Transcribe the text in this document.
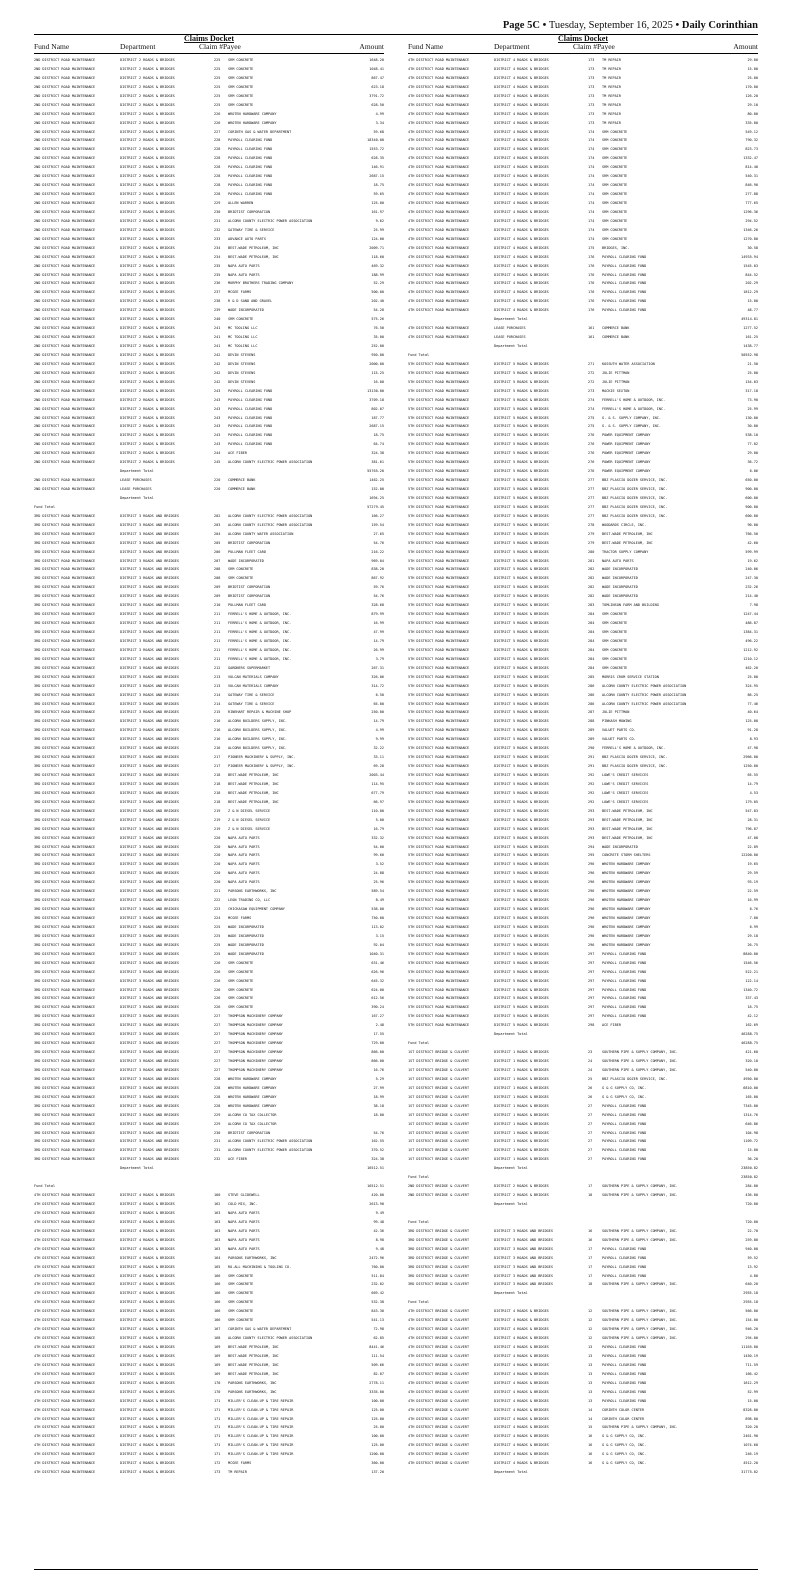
Page 5C • Tuesday, September 16, 2025 • Daily Corinthian
Claims Docket
Fund Name	Department	Claim #Payee	Amount
2ND DISTRICT ROAD MAINTENANCE	DISTRICT 2 ROADS & BRIDGES	225 SRM CONCRETE	1648.20
2ND DISTRICT ROAD MAINTENANCE	DISTRICT 2 ROADS & BRIDGES	225 SRM CONCRETE	1048.41
2ND DISTRICT ROAD MAINTENANCE	DISTRICT 2 ROADS & BRIDGES	225 SRM CONCRETE	867.47
2ND DISTRICT ROAD MAINTENANCE	DISTRICT 2 ROADS & BRIDGES	225 SRM CONCRETE	623.18
2ND DISTRICT ROAD MAINTENANCE	DISTRICT 2 ROADS & BRIDGES	225 SRM CONCRETE	3791.72
2ND DISTRICT ROAD MAINTENANCE	DISTRICT 2 ROADS & BRIDGES	225 SRM CONCRETE	628.50
2ND DISTRICT ROAD MAINTENANCE	DISTRICT 2 ROADS & BRIDGES	226 WROTEN HARDWARE COMPANY	4.99
2ND DISTRICT ROAD MAINTENANCE	DISTRICT 2 ROADS & BRIDGES	226 WROTEN HARDWARE COMPANY	3.34
2ND DISTRICT ROAD MAINTENANCE	DISTRICT 2 ROADS & BRIDGES	227 CORINTH GAS & WATER DEPARTMENT	59.68
2ND DISTRICT ROAD MAINTENANCE	DISTRICT 2 ROADS & BRIDGES	228 PAYROLL CLEARING FUND	18340.00
2ND DISTRICT ROAD MAINTENANCE	DISTRICT 2 ROADS & BRIDGES	228 PAYROLL CLEARING FUND	1553.72
2ND DISTRICT ROAD MAINTENANCE	DISTRICT 2 ROADS & BRIDGES	228 PAYROLL CLEARING FUND	628.35
2ND DISTRICT ROAD MAINTENANCE	DISTRICT 2 ROADS & BRIDGES	228 PAYROLL CLEARING FUND	146.91
2ND DISTRICT ROAD MAINTENANCE	DISTRICT 2 ROADS & BRIDGES	228 PAYROLL CLEARING FUND	2687.15
2ND DISTRICT ROAD MAINTENANCE	DISTRICT 2 ROADS & BRIDGES	228 PAYROLL CLEARING FUND	18.75
2ND DISTRICT ROAD MAINTENANCE	DISTRICT 2 ROADS & BRIDGES	228 PAYROLL CLEARING FUND	59.65
2ND DISTRICT ROAD MAINTENANCE	DISTRICT 2 ROADS & BRIDGES	229 ALLEN WARREN	125.00
2ND DISTRICT ROAD MAINTENANCE	DISTRICT 2 ROADS & BRIDGES	230 BRIDTIST CORPORATION	161.97
2ND DISTRICT ROAD MAINTENANCE	DISTRICT 2 ROADS & BRIDGES	231 ALCORN COUNTY ELECTRIC POWER ASSOCIATION	9.62
2ND DISTRICT ROAD MAINTENANCE	DISTRICT 2 ROADS & BRIDGES	232 GATEWAY TIRE & SERVICE	25.99
2ND DISTRICT ROAD MAINTENANCE	DISTRICT 2 ROADS & BRIDGES	233 ADVANCE AUTO PARTS	124.00
2ND DISTRICT ROAD MAINTENANCE	DISTRICT 2 ROADS & BRIDGES	234 BEST-WADE PETROLEUM, INC	2009.71
2ND DISTRICT ROAD MAINTENANCE	DISTRICT 2 ROADS & BRIDGES	234 BEST-WADE PETROLEUM, INC	118.60
2ND DISTRICT ROAD MAINTENANCE	DISTRICT 2 ROADS & BRIDGES	235 NAPA AUTO PARTS	469.32
2ND DISTRICT ROAD MAINTENANCE	DISTRICT 2 ROADS & BRIDGES	235 NAPA AUTO PARTS	188.99
2ND DISTRICT ROAD MAINTENANCE	DISTRICT 2 ROADS & BRIDGES	236 MURPHY BROTHERS TRADING COMPANY	52.29
2ND DISTRICT ROAD MAINTENANCE	DISTRICT 2 ROADS & BRIDGES	237 MCGEE FARMS	500.00
2ND DISTRICT ROAD MAINTENANCE	DISTRICT 2 ROADS & BRIDGES	238 R & D SAND AND GRAVEL	202.40
2ND DISTRICT ROAD MAINTENANCE	DISTRICT 2 ROADS & BRIDGES	239 WADE INCORPORATED	54.28
2ND DISTRICT ROAD MAINTENANCE	DISTRICT 2 ROADS & BRIDGES	240 SRM CONCRETE	575.26
2ND DISTRICT ROAD MAINTENANCE	DISTRICT 2 ROADS & BRIDGES	241 MC TOOLING LLC	76.50
2ND DISTRICT ROAD MAINTENANCE	DISTRICT 2 ROADS & BRIDGES	241 MC TOOLING LLC	35.00
2ND DISTRICT ROAD MAINTENANCE	DISTRICT 2 ROADS & BRIDGES	241 MC TOOLING LLC	252.00
2ND DISTRICT ROAD MAINTENANCE	DISTRICT 2 ROADS & BRIDGES	242 DEVIN STEVENS	950.00
2ND DISTRICT ROAD MAINTENANCE	DISTRICT 2 ROADS & BRIDGES	242 DEVIN STEVENS	2000.00
2ND DISTRICT ROAD MAINTENANCE	DISTRICT 2 ROADS & BRIDGES	242 DEVIN STEVENS	115.25
2ND DISTRICT ROAD MAINTENANCE	DISTRICT 2 ROADS & BRIDGES	242 DEVIN STEVENS	16.00
2ND DISTRICT ROAD MAINTENANCE	DISTRICT 2 ROADS & BRIDGES	243 PAYROLL CLEARING FUND	13130.00
2ND DISTRICT ROAD MAINTENANCE	DISTRICT 2 ROADS & BRIDGES	243 PAYROLL CLEARING FUND	3709.18
2ND DISTRICT ROAD MAINTENANCE	DISTRICT 2 ROADS & BRIDGES	243 PAYROLL CLEARING FUND	802.07
2ND DISTRICT ROAD MAINTENANCE	DISTRICT 2 ROADS & BRIDGES	243 PAYROLL CLEARING FUND	187.77
2ND DISTRICT ROAD MAINTENANCE	DISTRICT 2 ROADS & BRIDGES	243 PAYROLL CLEARING FUND	2687.15
2ND DISTRICT ROAD MAINTENANCE	DISTRICT 2 ROADS & BRIDGES	243 PAYROLL CLEARING FUND	18.75
2ND DISTRICT ROAD MAINTENANCE	DISTRICT 2 ROADS & BRIDGES	243 PAYROLL CLEARING FUND	64.74
2ND DISTRICT ROAD MAINTENANCE	DISTRICT 2 ROADS & BRIDGES	244 ACE FIBER	324.38
2ND DISTRICT ROAD MAINTENANCE	DISTRICT 2 ROADS & BRIDGES	245 ALCORN COUNTY ELECTRIC POWER ASSOCIATION	381.61
Department Total	55765.20
2ND DISTRICT ROAD MAINTENANCE	LEASE PURCHASES	220 COMMERCE BANK	1462.25
2ND DISTRICT ROAD MAINTENANCE	LEASE PURCHASES	220 COMMERCE BANK	152.00
Department Total	1694.25
Fund Total	57279.45
3RD DISTRICT ROAD MAINTENANCE	DISTRICT 3 ROADS AND BRIDGES	202 ALCORN COUNTY ELECTRIC POWER ASSOCIATION	166.27
3RD DISTRICT ROAD MAINTENANCE	DISTRICT 3 ROADS AND BRIDGES	203 ALCORN COUNTY ELECTRIC POWER ASSOCIATION	159.54
3RD DISTRICT ROAD MAINTENANCE	DISTRICT 3 ROADS AND BRIDGES	204 ALCORN COUNTY WATER ASSOCIATION	27.65
3RD DISTRICT ROAD MAINTENANCE	DISTRICT 3 ROADS AND BRIDGES	205 BRIDTIST CORPORATION	54.76
3RD DISTRICT ROAD MAINTENANCE	DISTRICT 3 ROADS AND BRIDGES	206 PULLMAN FLEET CARD	216.22
3RD DISTRICT ROAD MAINTENANCE	DISTRICT 3 ROADS AND BRIDGES	207 WADE INCORPORATED	969.04
3RD DISTRICT ROAD MAINTENANCE	DISTRICT 3 ROADS AND BRIDGES	208 SRM CONCRETE	838.20
3RD DISTRICT ROAD MAINTENANCE	DISTRICT 3 ROADS AND BRIDGES	208 SRM CONCRETE	867.92
3RD DISTRICT ROAD MAINTENANCE	DISTRICT 3 ROADS AND BRIDGES	209 BRIDTIST CORPORATION	59.76
3RD DISTRICT ROAD MAINTENANCE	DISTRICT 3 ROADS AND BRIDGES	209 BRIDTIST CORPORATION	54.76
3RD DISTRICT ROAD MAINTENANCE	DISTRICT 3 ROADS AND BRIDGES	210 PULLMAN FLEET CARD	328.68
3RD DISTRICT ROAD MAINTENANCE	DISTRICT 3 ROADS AND BRIDGES	211 FERRELL'S HOME & OUTDOOR, INC.	879.99
3RD DISTRICT ROAD MAINTENANCE	DISTRICT 3 ROADS AND BRIDGES	211 FERRELL'S HOME & OUTDOOR, INC.	16.99
3RD DISTRICT ROAD MAINTENANCE	DISTRICT 3 ROADS AND BRIDGES	211 FERRELL'S HOME & OUTDOOR, INC.	47.99
3RD DISTRICT ROAD MAINTENANCE	DISTRICT 3 ROADS AND BRIDGES	211 FERRELL'S HOME & OUTDOOR, INC.	14.79
3RD DISTRICT ROAD MAINTENANCE	DISTRICT 3 ROADS AND BRIDGES	211 FERRELL'S HOME & OUTDOOR, INC.	26.99
3RD DISTRICT ROAD MAINTENANCE	DISTRICT 3 ROADS AND BRIDGES	211 FERRELL'S HOME & OUTDOOR, INC.	3.79
3RD DISTRICT ROAD MAINTENANCE	DISTRICT 3 ROADS AND BRIDGES	212 GARDNERS SUPERMARKET	267.31
3RD DISTRICT ROAD MAINTENANCE	DISTRICT 3 ROADS AND BRIDGES	213 VULCAN MATERIALS COMPANY	326.06
3RD DISTRICT ROAD MAINTENANCE	DISTRICT 3 ROADS AND BRIDGES	213 VULCAN MATERIALS COMPANY	314.72
3RD DISTRICT ROAD MAINTENANCE	DISTRICT 3 ROADS AND BRIDGES	214 GATEWAY TIRE & SERVICE	6.50
3RD DISTRICT ROAD MAINTENANCE	DISTRICT 3 ROADS AND BRIDGES	214 GATEWAY TIRE & SERVICE	65.00
3RD DISTRICT ROAD MAINTENANCE	DISTRICT 3 ROADS AND BRIDGES	215 RINEHART REPAIR & MACHINE SHOP	250.00
3RD DISTRICT ROAD MAINTENANCE	DISTRICT 3 ROADS AND BRIDGES	216 ALCORN BUILDERS SUPPLY, INC.	14.79
3RD DISTRICT ROAD MAINTENANCE	DISTRICT 3 ROADS AND BRIDGES	216 ALCORN BUILDERS SUPPLY, INC.	4.99
3RD DISTRICT ROAD MAINTENANCE	DISTRICT 3 ROADS AND BRIDGES	216 ALCORN BUILDERS SUPPLY, INC.	9.99
3RD DISTRICT ROAD MAINTENANCE	DISTRICT 3 ROADS AND BRIDGES	216 ALCORN BUILDERS SUPPLY, INC.	32.22
3RD DISTRICT ROAD MAINTENANCE	DISTRICT 3 ROADS AND BRIDGES	217 PIONEER MACHINERY & SUPPLY, INC.	33.11
3RD DISTRICT ROAD MAINTENANCE	DISTRICT 3 ROADS AND BRIDGES	217 PIONEER MACHINERY & SUPPLY, INC.	69.28
3RD DISTRICT ROAD MAINTENANCE	DISTRICT 3 ROADS AND BRIDGES	218 BEST-WADE PETROLEUM, INC	2003.44
3RD DISTRICT ROAD MAINTENANCE	DISTRICT 3 ROADS AND BRIDGES	218 BEST-WADE PETROLEUM, INC	114.95
3RD DISTRICT ROAD MAINTENANCE	DISTRICT 3 ROADS AND BRIDGES	218 BEST-WADE PETROLEUM, INC	677.79
3RD DISTRICT ROAD MAINTENANCE	DISTRICT 3 ROADS AND BRIDGES	218 BEST-WADE PETROLEUM, INC	66.97
3RD DISTRICT ROAD MAINTENANCE	DISTRICT 3 ROADS AND BRIDGES	219 Z & N DIESEL SERVICE	110.00
3RD DISTRICT ROAD MAINTENANCE	DISTRICT 3 ROADS AND BRIDGES	219 Z & N DIESEL SERVICE	5.00
3RD DISTRICT ROAD MAINTENANCE	DISTRICT 3 ROADS AND BRIDGES	219 Z & N DIESEL SERVICE	16.79
3RD DISTRICT ROAD MAINTENANCE	DISTRICT 3 ROADS AND BRIDGES	220 NAPA AUTO PARTS	332.32
3RD DISTRICT ROAD MAINTENANCE	DISTRICT 3 ROADS AND BRIDGES	220 NAPA AUTO PARTS	54.00
3RD DISTRICT ROAD MAINTENANCE	DISTRICT 3 ROADS AND BRIDGES	220 NAPA AUTO PARTS	99.60
3RD DISTRICT ROAD MAINTENANCE	DISTRICT 3 ROADS AND BRIDGES	220 NAPA AUTO PARTS	3.52
3RD DISTRICT ROAD MAINTENANCE	DISTRICT 3 ROADS AND BRIDGES	220 NAPA AUTO PARTS	24.88
3RD DISTRICT ROAD MAINTENANCE	DISTRICT 3 ROADS AND BRIDGES	220 NAPA AUTO PARTS	25.96
3RD DISTRICT ROAD MAINTENANCE	DISTRICT 3 ROADS AND BRIDGES	221 PARSONS EARTHWORKS, INC	589.54
3RD DISTRICT ROAD MAINTENANCE	DISTRICT 3 ROADS AND BRIDGES	222 LEON TRADING CO, LLC	8.49
3RD DISTRICT ROAD MAINTENANCE	DISTRICT 3 ROADS AND BRIDGES	223 CHICKASAW EQUIPMENT COMPANY	538.00
3RD DISTRICT ROAD MAINTENANCE	DISTRICT 3 ROADS AND BRIDGES	224 MCGEE FARMS	750.00
3RD DISTRICT ROAD MAINTENANCE	DISTRICT 3 ROADS AND BRIDGES	225 WADE INCORPORATED	113.02
3RD DISTRICT ROAD MAINTENANCE	DISTRICT 3 ROADS AND BRIDGES	225 WADE INCORPORATED	3.15
3RD DISTRICT ROAD MAINTENANCE	DISTRICT 3 ROADS AND BRIDGES	225 WADE INCORPORATED	92.04
3RD DISTRICT ROAD MAINTENANCE	DISTRICT 3 ROADS AND BRIDGES	225 WADE INCORPORATED	1040.31
3RD DISTRICT ROAD MAINTENANCE	DISTRICT 3 ROADS AND BRIDGES	226 SRM CONCRETE	631.46
3RD DISTRICT ROAD MAINTENANCE	DISTRICT 3 ROADS AND BRIDGES	226 SRM CONCRETE	626.96
3RD DISTRICT ROAD MAINTENANCE	DISTRICT 3 ROADS AND BRIDGES	226 SRM CONCRETE	645.32
3RD DISTRICT ROAD MAINTENANCE	DISTRICT 3 ROADS AND BRIDGES	226 SRM CONCRETE	624.00
3RD DISTRICT ROAD MAINTENANCE	DISTRICT 3 ROADS AND BRIDGES	226 SRM CONCRETE	612.56
3RD DISTRICT ROAD MAINTENANCE	DISTRICT 3 ROADS AND BRIDGES	226 SRM CONCRETE	390.24
3RD DISTRICT ROAD MAINTENANCE	DISTRICT 3 ROADS AND BRIDGES	227 THOMPSON MACHINERY COMPANY	167.27
3RD DISTRICT ROAD MAINTENANCE	DISTRICT 3 ROADS AND BRIDGES	227 THOMPSON MACHINERY COMPANY	2.48
3RD DISTRICT ROAD MAINTENANCE	DISTRICT 3 ROADS AND BRIDGES	227 THOMPSON MACHINERY COMPANY	17.55
3RD DISTRICT ROAD MAINTENANCE	DISTRICT 3 ROADS AND BRIDGES	227 THOMPSON MACHINERY COMPANY	729.00
3RD DISTRICT ROAD MAINTENANCE	DISTRICT 3 ROADS AND BRIDGES	227 THOMPSON MACHINERY COMPANY	866.00
3RD DISTRICT ROAD MAINTENANCE	DISTRICT 3 ROADS AND BRIDGES	227 THOMPSON MACHINERY COMPANY	866.00
3RD DISTRICT ROAD MAINTENANCE	DISTRICT 3 ROADS AND BRIDGES	227 THOMPSON MACHINERY COMPANY	16.76
3RD DISTRICT ROAD MAINTENANCE	DISTRICT 3 ROADS AND BRIDGES	228 WROTEN HARDWARE COMPANY	5.29
3RD DISTRICT ROAD MAINTENANCE	DISTRICT 3 ROADS AND BRIDGES	228 WROTEN HARDWARE COMPANY	27.99
3RD DISTRICT ROAD MAINTENANCE	DISTRICT 3 ROADS AND BRIDGES	228 WROTEN HARDWARE COMPANY	18.99
3RD DISTRICT ROAD MAINTENANCE	DISTRICT 3 ROADS AND BRIDGES	228 WROTEN HARDWARE COMPANY	38.18
3RD DISTRICT ROAD MAINTENANCE	DISTRICT 3 ROADS AND BRIDGES	229 ALCORN CO TAX COLLECTOR	18.00
3RD DISTRICT ROAD MAINTENANCE	DISTRICT 3 ROADS AND BRIDGES	229 ALCORN CO TAX COLLECTOR
3RD DISTRICT ROAD MAINTENANCE	DISTRICT 3 ROADS AND BRIDGES	230 BRIDTIST CORPORATION	54.76
3RD DISTRICT ROAD MAINTENANCE	DISTRICT 3 ROADS AND BRIDGES	231 ALCORN COUNTY ELECTRIC POWER ASSOCIATION	162.55
3RD DISTRICT ROAD MAINTENANCE	DISTRICT 3 ROADS AND BRIDGES	231 ALCORN COUNTY ELECTRIC POWER ASSOCIATION	370.52
3RD DISTRICT ROAD MAINTENANCE	DISTRICT 3 ROADS AND BRIDGES	232 ACE FIBER	324.38
Department Total	16512.51
Fund Total	16512.51
4TH DISTRICT ROAD MAINTENANCE	DISTRICT 4 ROADS & BRIDGES	160 STEVE GLIDEWELL	420.00
4TH DISTRICT ROAD MAINTENANCE	DISTRICT 4 ROADS & BRIDGES	162 COLD MIX, INC.	2613.90
4TH DISTRICT ROAD MAINTENANCE	DISTRICT 4 ROADS & BRIDGES	163 NAPA AUTO PARTS	9.49
4TH DISTRICT ROAD MAINTENANCE	DISTRICT 4 ROADS & BRIDGES	163 NAPA AUTO PARTS	99.48
4TH DISTRICT ROAD MAINTENANCE	DISTRICT 4 ROADS & BRIDGES	163 NAPA AUTO PARTS	42.36
4TH DISTRICT ROAD MAINTENANCE	DISTRICT 4 ROADS & BRIDGES	163 NAPA AUTO PARTS	8.98
4TH DISTRICT ROAD MAINTENANCE	DISTRICT 4 ROADS & BRIDGES	163 NAPA AUTO PARTS	9.48
4TH DISTRICT ROAD MAINTENANCE	DISTRICT 4 ROADS & BRIDGES	164 PARSONS EARTHWORKS, INC	2472.96
4TH DISTRICT ROAD MAINTENANCE	DISTRICT 4 ROADS & BRIDGES	165 RO-ALL MACHINING & TOOLING CO.	760.00
4TH DISTRICT ROAD MAINTENANCE	DISTRICT 4 ROADS & BRIDGES	166 SRM CONCRETE	511.84
4TH DISTRICT ROAD MAINTENANCE	DISTRICT 4 ROADS & BRIDGES	166 SRM CONCRETE	232.02
4TH DISTRICT ROAD MAINTENANCE	DISTRICT 4 ROADS & BRIDGES	166 SRM CONCRETE	669.42
4TH DISTRICT ROAD MAINTENANCE	DISTRICT 4 ROADS & BRIDGES	166 SRM CONCRETE	532.38
4TH DISTRICT ROAD MAINTENANCE	DISTRICT 4 ROADS & BRIDGES	166 SRM CONCRETE	843.30
4TH DISTRICT ROAD MAINTENANCE	DISTRICT 4 ROADS & BRIDGES	166 SRM CONCRETE	541.13
4TH DISTRICT ROAD MAINTENANCE	DISTRICT 4 ROADS & BRIDGES	167 CORINTH GAS & WATER DEPARTMENT	72.98
4TH DISTRICT ROAD MAINTENANCE	DISTRICT 4 ROADS & BRIDGES	168 ALCORN COUNTY ELECTRIC POWER ASSOCIATION	62.85
4TH DISTRICT ROAD MAINTENANCE	DISTRICT 4 ROADS & BRIDGES	169 BEST-WADE PETROLEUM, INC	8441.46
4TH DISTRICT ROAD MAINTENANCE	DISTRICT 4 ROADS & BRIDGES	169 BEST-WADE PETROLEUM, INC	111.54
4TH DISTRICT ROAD MAINTENANCE	DISTRICT 4 ROADS & BRIDGES	169 BEST-WADE PETROLEUM, INC	509.66
4TH DISTRICT ROAD MAINTENANCE	DISTRICT 4 ROADS & BRIDGES	169 BEST-WADE PETROLEUM, INC	82.07
4TH DISTRICT ROAD MAINTENANCE	DISTRICT 4 ROADS & BRIDGES	170 PARSONS EARTHWORKS, INC	2778.11
4TH DISTRICT ROAD MAINTENANCE	DISTRICT 4 ROADS & BRIDGES	170 PARSONS EARTHWORKS, INC	3335.00
4TH DISTRICT ROAD MAINTENANCE	DISTRICT 4 ROADS & BRIDGES	171 MILLER'S CLEAN-UP & TIRE REPAIR	100.00
4TH DISTRICT ROAD MAINTENANCE	DISTRICT 4 ROADS & BRIDGES	171 MILLER'S CLEAN-UP & TIRE REPAIR	125.00
4TH DISTRICT ROAD MAINTENANCE	DISTRICT 4 ROADS & BRIDGES	171 MILLER'S CLEAN-UP & TIRE REPAIR	125.00
4TH DISTRICT ROAD MAINTENANCE	DISTRICT 4 ROADS & BRIDGES	171 MILLER'S CLEAN-UP & TIRE REPAIR	25.00
4TH DISTRICT ROAD MAINTENANCE	DISTRICT 4 ROADS & BRIDGES	171 MILLER'S CLEAN-UP & TIRE REPAIR	100.00
4TH DISTRICT ROAD MAINTENANCE	DISTRICT 4 ROADS & BRIDGES	171 MILLER'S CLEAN-UP & TIRE REPAIR	125.00
4TH DISTRICT ROAD MAINTENANCE	DISTRICT 4 ROADS & BRIDGES	171 MILLER'S CLEAN-UP & TIRE REPAIR	1200.00
4TH DISTRICT ROAD MAINTENANCE	DISTRICT 4 ROADS & BRIDGES	172 MCGEE FARMS	360.00
4TH DISTRICT ROAD MAINTENANCE	DISTRICT 4 ROADS & BRIDGES	173 TM REPAIR	137.20
Claims Docket
Fund Name	Department	Claim #Payee	Amount
4TH DISTRICT ROAD MAINTENANCE	DISTRICT 4 ROADS & BRIDGES	173 TM REPAIR	29.00
4TH DISTRICT ROAD MAINTENANCE	DISTRICT 4 ROADS & BRIDGES	173 TM REPAIR	15.00
4TH DISTRICT ROAD MAINTENANCE	DISTRICT 4 ROADS & BRIDGES	173 TM REPAIR	25.00
4TH DISTRICT ROAD MAINTENANCE	DISTRICT 4 ROADS & BRIDGES	173 TM REPAIR	170.00
4TH DISTRICT ROAD MAINTENANCE	DISTRICT 4 ROADS & BRIDGES	173 TM REPAIR	126.20
4TH DISTRICT ROAD MAINTENANCE	DISTRICT 4 ROADS & BRIDGES	173 TM REPAIR	29.10
4TH DISTRICT ROAD MAINTENANCE	DISTRICT 4 ROADS & BRIDGES	173 TM REPAIR	80.00
4TH DISTRICT ROAD MAINTENANCE	DISTRICT 4 ROADS & BRIDGES	173 TM REPAIR	335.00
4TH DISTRICT ROAD MAINTENANCE	DISTRICT 4 ROADS & BRIDGES	174 SRM CONCRETE	549.12
4TH DISTRICT ROAD MAINTENANCE	DISTRICT 4 ROADS & BRIDGES	174 SRM CONCRETE	790.32
4TH DISTRICT ROAD MAINTENANCE	DISTRICT 4 ROADS & BRIDGES	174 SRM CONCRETE	823.73
4TH DISTRICT ROAD MAINTENANCE	DISTRICT 4 ROADS & BRIDGES	174 SRM CONCRETE	1332.47
4TH DISTRICT ROAD MAINTENANCE	DISTRICT 4 ROADS & BRIDGES	174 SRM CONCRETE	814.40
4TH DISTRICT ROAD MAINTENANCE	DISTRICT 4 ROADS & BRIDGES	174 SRM CONCRETE	540.31
4TH DISTRICT ROAD MAINTENANCE	DISTRICT 4 ROADS & BRIDGES	174 SRM CONCRETE	846.90
4TH DISTRICT ROAD MAINTENANCE	DISTRICT 4 ROADS & BRIDGES	174 SRM CONCRETE	277.88
4TH DISTRICT ROAD MAINTENANCE	DISTRICT 4 ROADS & BRIDGES	174 SRM CONCRETE	777.65
4TH DISTRICT ROAD MAINTENANCE	DISTRICT 4 ROADS & BRIDGES	174 SRM CONCRETE	1296.36
4TH DISTRICT ROAD MAINTENANCE	DISTRICT 4 ROADS & BRIDGES	174 SRM CONCRETE	294.52
4TH DISTRICT ROAD MAINTENANCE	DISTRICT 4 ROADS & BRIDGES	174 SRM CONCRETE	1346.26
4TH DISTRICT ROAD MAINTENANCE	DISTRICT 4 ROADS & BRIDGES	174 SRM CONCRETE	1270.80
4TH DISTRICT ROAD MAINTENANCE	DISTRICT 4 ROADS & BRIDGES	175 BRIDGES, INC.	30.58
4TH DISTRICT ROAD MAINTENANCE	DISTRICT 4 ROADS & BRIDGES	176 PAYROLL CLEARING FUND	14935.94
4TH DISTRICT ROAD MAINTENANCE	DISTRICT 4 ROADS & BRIDGES	176 PAYROLL CLEARING FUND	1545.03
4TH DISTRICT ROAD MAINTENANCE	DISTRICT 4 ROADS & BRIDGES	176 PAYROLL CLEARING FUND	844.52
4TH DISTRICT ROAD MAINTENANCE	DISTRICT 4 ROADS & BRIDGES	176 PAYROLL CLEARING FUND	202.29
4TH DISTRICT ROAD MAINTENANCE	DISTRICT 4 ROADS & BRIDGES	176 PAYROLL CLEARING FUND	1812.29
4TH DISTRICT ROAD MAINTENANCE	DISTRICT 4 ROADS & BRIDGES	176 PAYROLL CLEARING FUND	15.00
4TH DISTRICT ROAD MAINTENANCE	DISTRICT 4 ROADS & BRIDGES	176 PAYROLL CLEARING FUND	48.77
Department Total	49314.81
4TH DISTRICT ROAD MAINTENANCE	LEASE PURCHASES	161 COMMERCE BANK	1277.52
4TH DISTRICT ROAD MAINTENANCE	LEASE PURCHASES	161 COMMERCE BANK	161.25
Department Total	1438.77
Fund Total	50552.98
5TH DISTRICT ROAD MAINTENANCE	DISTRICT 5 ROADS & BRIDGES	271 KOSSUTH WATER ASSOCIATION	21.50
5TH DISTRICT ROAD MAINTENANCE	DISTRICT 5 ROADS & BRIDGES	272 JULIE PITTMAN	25.00
5TH DISTRICT ROAD MAINTENANCE	DISTRICT 5 ROADS & BRIDGES	272 JULIE PITTMAN	154.03
5TH DISTRICT ROAD MAINTENANCE	DISTRICT 5 ROADS & BRIDGES	273 MACKIE SEXTON	317.18
5TH DISTRICT ROAD MAINTENANCE	DISTRICT 5 ROADS & BRIDGES	274 FERRELL'S HOME & OUTDOOR, INC.	73.90
5TH DISTRICT ROAD MAINTENANCE	DISTRICT 5 ROADS & BRIDGES	274 FERRELL'S HOME & OUTDOOR, INC.	25.99
5TH DISTRICT ROAD MAINTENANCE	DISTRICT 5 ROADS & BRIDGES	275 G. & S. SUPPLY COMPANY, INC.	130.00
5TH DISTRICT ROAD MAINTENANCE	DISTRICT 5 ROADS & BRIDGES	275 G. & S. SUPPLY COMPANY, INC.	30.00
5TH DISTRICT ROAD MAINTENANCE	DISTRICT 5 ROADS & BRIDGES	276 POWER EQUIPMENT COMPANY	538.10
5TH DISTRICT ROAD MAINTENANCE	DISTRICT 5 ROADS & BRIDGES	276 POWER EQUIPMENT COMPANY	77.02
5TH DISTRICT ROAD MAINTENANCE	DISTRICT 5 ROADS & BRIDGES	276 POWER EQUIPMENT COMPANY	29.00
5TH DISTRICT ROAD MAINTENANCE	DISTRICT 5 ROADS & BRIDGES	276 POWER EQUIPMENT COMPANY	36.72
5TH DISTRICT ROAD MAINTENANCE	DISTRICT 5 ROADS & BRIDGES	276 POWER EQUIPMENT COMPANY	6.06
5TH DISTRICT ROAD MAINTENANCE	DISTRICT 5 ROADS & BRIDGES	277 BBZ PLASCIO DOZER SERVICE, INC.	650.00
5TH DISTRICT ROAD MAINTENANCE	DISTRICT 5 ROADS & BRIDGES	277 BBZ PLASCIO DOZER SERVICE, INC.	900.00
5TH DISTRICT ROAD MAINTENANCE	DISTRICT 5 ROADS & BRIDGES	277 BBZ PLASCIO DOZER SERVICE, INC.	600.00
5TH DISTRICT ROAD MAINTENANCE	DISTRICT 5 ROADS & BRIDGES	277 BBZ PLASCIO DOZER SERVICE, INC.	900.00
5TH DISTRICT ROAD MAINTENANCE	DISTRICT 5 ROADS & BRIDGES	277 BBZ PLASCIO DOZER SERVICE, INC.	600.00
5TH DISTRICT ROAD MAINTENANCE	DISTRICT 5 ROADS & BRIDGES	278 WOODARDS CIRCLE, INC.	90.00
5TH DISTRICT ROAD MAINTENANCE	DISTRICT 5 ROADS & BRIDGES	279 BEST-WADE PETROLEUM, INC	766.50
5TH DISTRICT ROAD MAINTENANCE	DISTRICT 5 ROADS & BRIDGES	279 BEST-WADE PETROLEUM, INC	42.60
5TH DISTRICT ROAD MAINTENANCE	DISTRICT 5 ROADS & BRIDGES	280 TRACTOR SUPPLY COMPANY	599.99
5TH DISTRICT ROAD MAINTENANCE	DISTRICT 5 ROADS & BRIDGES	281 NAPA AUTO PARTS	19.62
5TH DISTRICT ROAD MAINTENANCE	DISTRICT 5 ROADS & BRIDGES	282 WADE INCORPORATED	240.06
5TH DISTRICT ROAD MAINTENANCE	DISTRICT 5 ROADS & BRIDGES	282 WADE INCORPORATED	247.30
5TH DISTRICT ROAD MAINTENANCE	DISTRICT 5 ROADS & BRIDGES	282 WADE INCORPORATED	232.26
5TH DISTRICT ROAD MAINTENANCE	DISTRICT 5 ROADS & BRIDGES	282 WADE INCORPORATED	214.40
5TH DISTRICT ROAD MAINTENANCE	DISTRICT 5 ROADS & BRIDGES	283 TOMLINSON FARM AND BUILDING	7.98
5TH DISTRICT ROAD MAINTENANCE	DISTRICT 5 ROADS & BRIDGES	284 SRM CONCRETE	1247.44
5TH DISTRICT ROAD MAINTENANCE	DISTRICT 5 ROADS & BRIDGES	284 SRM CONCRETE	486.87
5TH DISTRICT ROAD MAINTENANCE	DISTRICT 5 ROADS & BRIDGES	284 SRM CONCRETE	1384.31
5TH DISTRICT ROAD MAINTENANCE	DISTRICT 5 ROADS & BRIDGES	284 SRM CONCRETE	496.22
5TH DISTRICT ROAD MAINTENANCE	DISTRICT 5 ROADS & BRIDGES	284 SRM CONCRETE	1212.92
5TH DISTRICT ROAD MAINTENANCE	DISTRICT 5 ROADS & BRIDGES	284 SRM CONCRETE	1210.12
5TH DISTRICT ROAD MAINTENANCE	DISTRICT 5 ROADS & BRIDGES	284 SRM CONCRETE	462.20
5TH DISTRICT ROAD MAINTENANCE	DISTRICT 5 ROADS & BRIDGES	285 MORRIS CRUM SERVICE STATION	25.00
5TH DISTRICT ROAD MAINTENANCE	DISTRICT 5 ROADS & BRIDGES	286 ALCORN COUNTY ELECTRIC POWER ASSOCIATION	324.95
5TH DISTRICT ROAD MAINTENANCE	DISTRICT 5 ROADS & BRIDGES	286 ALCORN COUNTY ELECTRIC POWER ASSOCIATION	86.25
5TH DISTRICT ROAD MAINTENANCE	DISTRICT 5 ROADS & BRIDGES	286 ALCORN COUNTY ELECTRIC POWER ASSOCIATION	77.46
5TH DISTRICT ROAD MAINTENANCE	DISTRICT 5 ROADS & BRIDGES	287 JULIE PITTMAN	40.64
5TH DISTRICT ROAD MAINTENANCE	DISTRICT 5 ROADS & BRIDGES	288 PINKASH MOWING	125.00
5TH DISTRICT ROAD MAINTENANCE	DISTRICT 5 ROADS & BRIDGES	289 VALUET PARTS CO.	91.28
5TH DISTRICT ROAD MAINTENANCE	DISTRICT 5 ROADS & BRIDGES	289 VALUET PARTS CO.	8.93
5TH DISTRICT ROAD MAINTENANCE	DISTRICT 5 ROADS & BRIDGES	290 FERRELL'S HOME & OUTDOOR, INC.	47.98
5TH DISTRICT ROAD MAINTENANCE	DISTRICT 5 ROADS & BRIDGES	291 BBZ PLASCIO DOZER SERVICE, INC.	2966.00
5TH DISTRICT ROAD MAINTENANCE	DISTRICT 5 ROADS & BRIDGES	291 BBZ PLASCIO DOZER SERVICE, INC.	1250.00
5TH DISTRICT ROAD MAINTENANCE	DISTRICT 5 ROADS & BRIDGES	292 LOWE'S CREDIT SERVICES	65.55
5TH DISTRICT ROAD MAINTENANCE	DISTRICT 5 ROADS & BRIDGES	292 LOWE'S CREDIT SERVICES	14.79
5TH DISTRICT ROAD MAINTENANCE	DISTRICT 5 ROADS & BRIDGES	292 LOWE'S CREDIT SERVICES	4.53
5TH DISTRICT ROAD MAINTENANCE	DISTRICT 5 ROADS & BRIDGES	292 LOWE'S CREDIT SERVICES	179.05
5TH DISTRICT ROAD MAINTENANCE	DISTRICT 5 ROADS & BRIDGES	293 BEST-WADE PETROLEUM, INC	547.83
5TH DISTRICT ROAD MAINTENANCE	DISTRICT 5 ROADS & BRIDGES	293 BEST-WADE PETROLEUM, INC	28.31
5TH DISTRICT ROAD MAINTENANCE	DISTRICT 5 ROADS & BRIDGES	293 BEST-WADE PETROLEUM, INC	796.87
5TH DISTRICT ROAD MAINTENANCE	DISTRICT 5 ROADS & BRIDGES	293 BEST-WADE PETROLEUM, INC	47.08
5TH DISTRICT ROAD MAINTENANCE	DISTRICT 5 ROADS & BRIDGES	294 WADE INCORPORATED	22.89
5TH DISTRICT ROAD MAINTENANCE	DISTRICT 5 ROADS & BRIDGES	295 CONCRETE STORM SHELTERS	12200.00
5TH DISTRICT ROAD MAINTENANCE	DISTRICT 5 ROADS & BRIDGES	296 WROTEN HARDWARE COMPANY	19.65
5TH DISTRICT ROAD MAINTENANCE	DISTRICT 5 ROADS & BRIDGES	296 WROTEN HARDWARE COMPANY	29.59
5TH DISTRICT ROAD MAINTENANCE	DISTRICT 5 ROADS & BRIDGES	296 WROTEN HARDWARE COMPANY	93.19
5TH DISTRICT ROAD MAINTENANCE	DISTRICT 5 ROADS & BRIDGES	296 WROTEN HARDWARE COMPANY	22.59
5TH DISTRICT ROAD MAINTENANCE	DISTRICT 5 ROADS & BRIDGES	296 WROTEN HARDWARE COMPANY	16.99
5TH DISTRICT ROAD MAINTENANCE	DISTRICT 5 ROADS & BRIDGES	296 WROTEN HARDWARE COMPANY	6.76
5TH DISTRICT ROAD MAINTENANCE	DISTRICT 5 ROADS & BRIDGES	296 WROTEN HARDWARE COMPANY	7.00
5TH DISTRICT ROAD MAINTENANCE	DISTRICT 5 ROADS & BRIDGES	296 WROTEN HARDWARE COMPANY	6.99
5TH DISTRICT ROAD MAINTENANCE	DISTRICT 5 ROADS & BRIDGES	296 WROTEN HARDWARE COMPANY	29.18
5TH DISTRICT ROAD MAINTENANCE	DISTRICT 5 ROADS & BRIDGES	296 WROTEN HARDWARE COMPANY	26.75
5TH DISTRICT ROAD MAINTENANCE	DISTRICT 5 ROADS & BRIDGES	297 PAYROLL CLEARING FUND	8840.00
5TH DISTRICT ROAD MAINTENANCE	DISTRICT 5 ROADS & BRIDGES	297 PAYROLL CLEARING FUND	1546.56
5TH DISTRICT ROAD MAINTENANCE	DISTRICT 5 ROADS & BRIDGES	297 PAYROLL CLEARING FUND	522.21
5TH DISTRICT ROAD MAINTENANCE	DISTRICT 5 ROADS & BRIDGES	297 PAYROLL CLEARING FUND	122.14
5TH DISTRICT ROAD MAINTENANCE	DISTRICT 5 ROADS & BRIDGES	297 PAYROLL CLEARING FUND	1340.72
5TH DISTRICT ROAD MAINTENANCE	DISTRICT 5 ROADS & BRIDGES	297 PAYROLL CLEARING FUND	337.43
5TH DISTRICT ROAD MAINTENANCE	DISTRICT 5 ROADS & BRIDGES	297 PAYROLL CLEARING FUND	18.75
5TH DISTRICT ROAD MAINTENANCE	DISTRICT 5 ROADS & BRIDGES	297 PAYROLL CLEARING FUND	42.12
5TH DISTRICT ROAD MAINTENANCE	DISTRICT 5 ROADS & BRIDGES	298 ACE FIBER	162.69
Department Total	46288.75
Fund Total	46288.75
1ST DISTRICT BRIDGE & CULVERT	DISTRICT 1 ROADS & BRIDGES	23	SOUTHERN PIPE & SUPPLY COMPANY, INC.	421.60
1ST DISTRICT BRIDGE & CULVERT	DISTRICT 1 ROADS & BRIDGES	24	SOUTHERN PIPE & SUPPLY COMPANY, INC.	320.10
1ST DISTRICT BRIDGE & CULVERT	DISTRICT 1 ROADS & BRIDGES	24	SOUTHERN PIPE & SUPPLY COMPANY, INC.	540.00
1ST DISTRICT BRIDGE & CULVERT	DISTRICT 1 ROADS & BRIDGES	25	BBZ PLASCIO DOZER SERVICE, INC.	4950.00
1ST DISTRICT BRIDGE & CULVERT	DISTRICT 1 ROADS & BRIDGES	26	G & G SUPPLY CO, INC.	6810.00
1ST DISTRICT BRIDGE & CULVERT	DISTRICT 1 ROADS & BRIDGES	26	G & G SUPPLY CO, INC.	165.00
1ST DISTRICT BRIDGE & CULVERT	DISTRICT 1 ROADS & BRIDGES	27	PAYROLL CLEARING FUND	7345.00
1ST DISTRICT BRIDGE & CULVERT	DISTRICT 1 ROADS & BRIDGES	27	PAYROLL CLEARING FUND	1314.76
1ST DISTRICT BRIDGE & CULVERT	DISTRICT 1 ROADS & BRIDGES	27	PAYROLL CLEARING FUND	646.86
1ST DISTRICT BRIDGE & CULVERT	DISTRICT 1 ROADS & BRIDGES	27	PAYROLL CLEARING FUND	104.98
1ST DISTRICT BRIDGE & CULVERT	DISTRICT 1 ROADS & BRIDGES	27	PAYROLL CLEARING FUND	1109.72
1ST DISTRICT BRIDGE & CULVERT	DISTRICT 1 ROADS & BRIDGES	27	PAYROLL CLEARING FUND	15.00
1ST DISTRICT BRIDGE & CULVERT	DISTRICT 1 ROADS & BRIDGES	27	PAYROLL CLEARING FUND	36.20
Department Total	23850.82
Fund Total	23850.82
2ND DISTRICT BRIDGE & CULVERT	DISTRICT 2 ROADS & BRIDGES	17	SOUTHERN PIPE & SUPPLY COMPANY, INC.	284.00
2ND DISTRICT BRIDGE & CULVERT	DISTRICT 2 ROADS & BRIDGES	18	SOUTHERN PIPE & SUPPLY COMPANY, INC.	436.00
Department Total	720.00
Fund Total	720.00
3RD DISTRICT BRIDGE & CULVERT	DISTRICT 3 ROADS AND BRIDGES	16	SOUTHERN PIPE & SUPPLY COMPANY, INC.	22.70
3RD DISTRICT BRIDGE & CULVERT	DISTRICT 3 ROADS AND BRIDGES	16	SOUTHERN PIPE & SUPPLY COMPANY, INC.	259.80
3RD DISTRICT BRIDGE & CULVERT	DISTRICT 3 ROADS AND BRIDGES	17	PAYROLL CLEARING FUND	940.00
3RD DISTRICT BRIDGE & CULVERT	DISTRICT 3 ROADS AND BRIDGES	17	PAYROLL CLEARING FUND	59.52
3RD DISTRICT BRIDGE & CULVERT	DISTRICT 3 ROADS AND BRIDGES	17	PAYROLL CLEARING FUND	13.92
3RD DISTRICT BRIDGE & CULVERT	DISTRICT 3 ROADS AND BRIDGES	17	PAYROLL CLEARING FUND	4.80
3RD DISTRICT BRIDGE & CULVERT	DISTRICT 3 ROADS AND BRIDGES	18	SOUTHERN PIPE & SUPPLY COMPANY, INC.	640.20
Department Total	2955.18
Fund Total	2955.18
4TH DISTRICT BRIDGE & CULVERT	DISTRICT 4 ROADS & BRIDGES	12	SOUTHERN PIPE & SUPPLY COMPANY, INC.	566.00
4TH DISTRICT BRIDGE & CULVERT	DISTRICT 4 ROADS & BRIDGES	12	SOUTHERN PIPE & SUPPLY COMPANY, INC.	154.00
4TH DISTRICT BRIDGE & CULVERT	DISTRICT 4 ROADS & BRIDGES	12	SOUTHERN PIPE & SUPPLY COMPANY, INC.	946.20
4TH DISTRICT BRIDGE & CULVERT	DISTRICT 4 ROADS & BRIDGES	12	SOUTHERN PIPE & SUPPLY COMPANY, INC.	294.00
4TH DISTRICT BRIDGE & CULVERT	DISTRICT 4 ROADS & BRIDGES	13	PAYROLL CLEARING FUND	11165.00
4TH DISTRICT BRIDGE & CULVERT	DISTRICT 4 ROADS & BRIDGES	13	PAYROLL CLEARING FUND	1450.19
4TH DISTRICT BRIDGE & CULVERT	DISTRICT 4 ROADS & BRIDGES	13	PAYROLL CLEARING FUND	711.59
4TH DISTRICT BRIDGE & CULVERT	DISTRICT 4 ROADS & BRIDGES	13	PAYROLL CLEARING FUND	166.42
4TH DISTRICT BRIDGE & CULVERT	DISTRICT 4 ROADS & BRIDGES	13	PAYROLL CLEARING FUND	1812.29
4TH DISTRICT BRIDGE & CULVERT	DISTRICT 4 ROADS & BRIDGES	13	PAYROLL CLEARING FUND	52.99
4TH DISTRICT BRIDGE & CULVERT	DISTRICT 4 ROADS & BRIDGES	13	PAYROLL CLEARING FUND	15.00
4TH DISTRICT BRIDGE & CULVERT	DISTRICT 4 ROADS & BRIDGES	14	CORINTH COLOR CENTER	8328.00
4TH DISTRICT BRIDGE & CULVERT	DISTRICT 4 ROADS & BRIDGES	14	CORINTH COLOR CENTER	898.00
4TH DISTRICT BRIDGE & CULVERT	DISTRICT 4 ROADS & BRIDGES	15	SOUTHERN PIPE & SUPPLY COMPANY, INC.	320.20
4TH DISTRICT BRIDGE & CULVERT	DISTRICT 4 ROADS & BRIDGES	16	G & G SUPPLY CO, INC.	2461.90
4TH DISTRICT BRIDGE & CULVERT	DISTRICT 4 ROADS & BRIDGES	16	G & G SUPPLY CO, INC.	1074.60
4TH DISTRICT BRIDGE & CULVERT	DISTRICT 4 ROADS & BRIDGES	16	G & G SUPPLY CO, INC.	246.19
4TH DISTRICT BRIDGE & CULVERT	DISTRICT 4 ROADS & BRIDGES	16	G & G SUPPLY CO, INC.	4512.20
Department Total	31775.02
